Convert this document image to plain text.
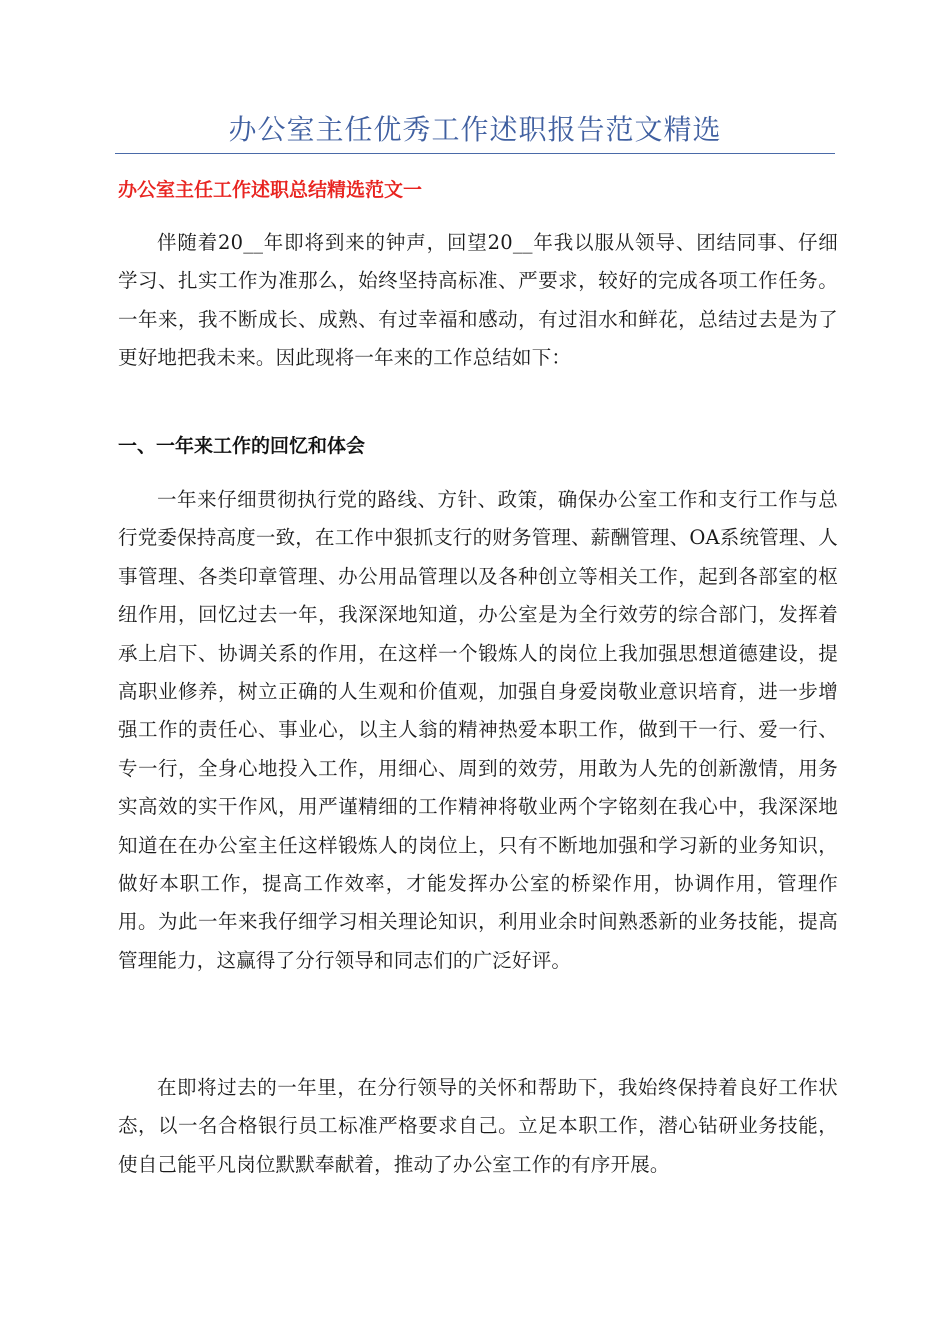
办公室主任优秀工作述职报告范文精选
办公室主任工作述职总结精选范文一

伴随着20__年即将到来的钟声，回望20__年我以服从领导、团结同事、仔细学习、扎实工作为准那么，始终坚持高标准、严要求，较好的完成各项工作任务。一年来，我不断成长、成熟、有过幸福和感动，有过泪水和鲜花，总结过去是为了更好地把我未来。因此现将一年来的工作总结如下：

一、一年来工作的回忆和体会

一年来仔细贯彻执行党的路线、方针、政策，确保办公室工作和支行工作与总行党委保持高度一致，在工作中狠抓支行的财务管理、薪酬管理、OA系统管理、人事管理、各类印章管理、办公用品管理以及各种创立等相关工作，起到各部室的枢纽作用，回忆过去一年，我深深地知道，办公室是为全行效劳的综合部门，发挥着承上启下、协调关系的作用，在这样一个锻炼人的岗位上我加强思想道德建设，提高职业修养，树立正确的人生观和价值观，加强自身爱岗敬业意识培育，进一步增强工作的责任心、事业心，以主人翁的精神热爱本职工作，做到干一行、爱一行、专一行，全身心地投入工作，用细心、周到的效劳，用敢为人先的创新激情，用务实高效的实干作风，用严谨精细的工作精神将敬业两个字铭刻在我心中，我深深地知道在在办公室主任这样锻炼人的岗位上，只有不断地加强和学习新的业务知识，做好本职工作，提高工作效率，才能发挥办公室的桥梁作用，协调作用，管理作用。为此一年来我仔细学习相关理论知识，利用业余时间熟悉新的业务技能，提高管理能力，这赢得了分行领导和同志们的广泛好评。

在即将过去的一年里，在分行领导的关怀和帮助下，我始终保持着良好工作状态，以一名合格银行员工标准严格要求自己。立足本职工作，潜心钻研业务技能，使自己能平凡岗位默默奉献着，推动了办公室工作的有序开展。
